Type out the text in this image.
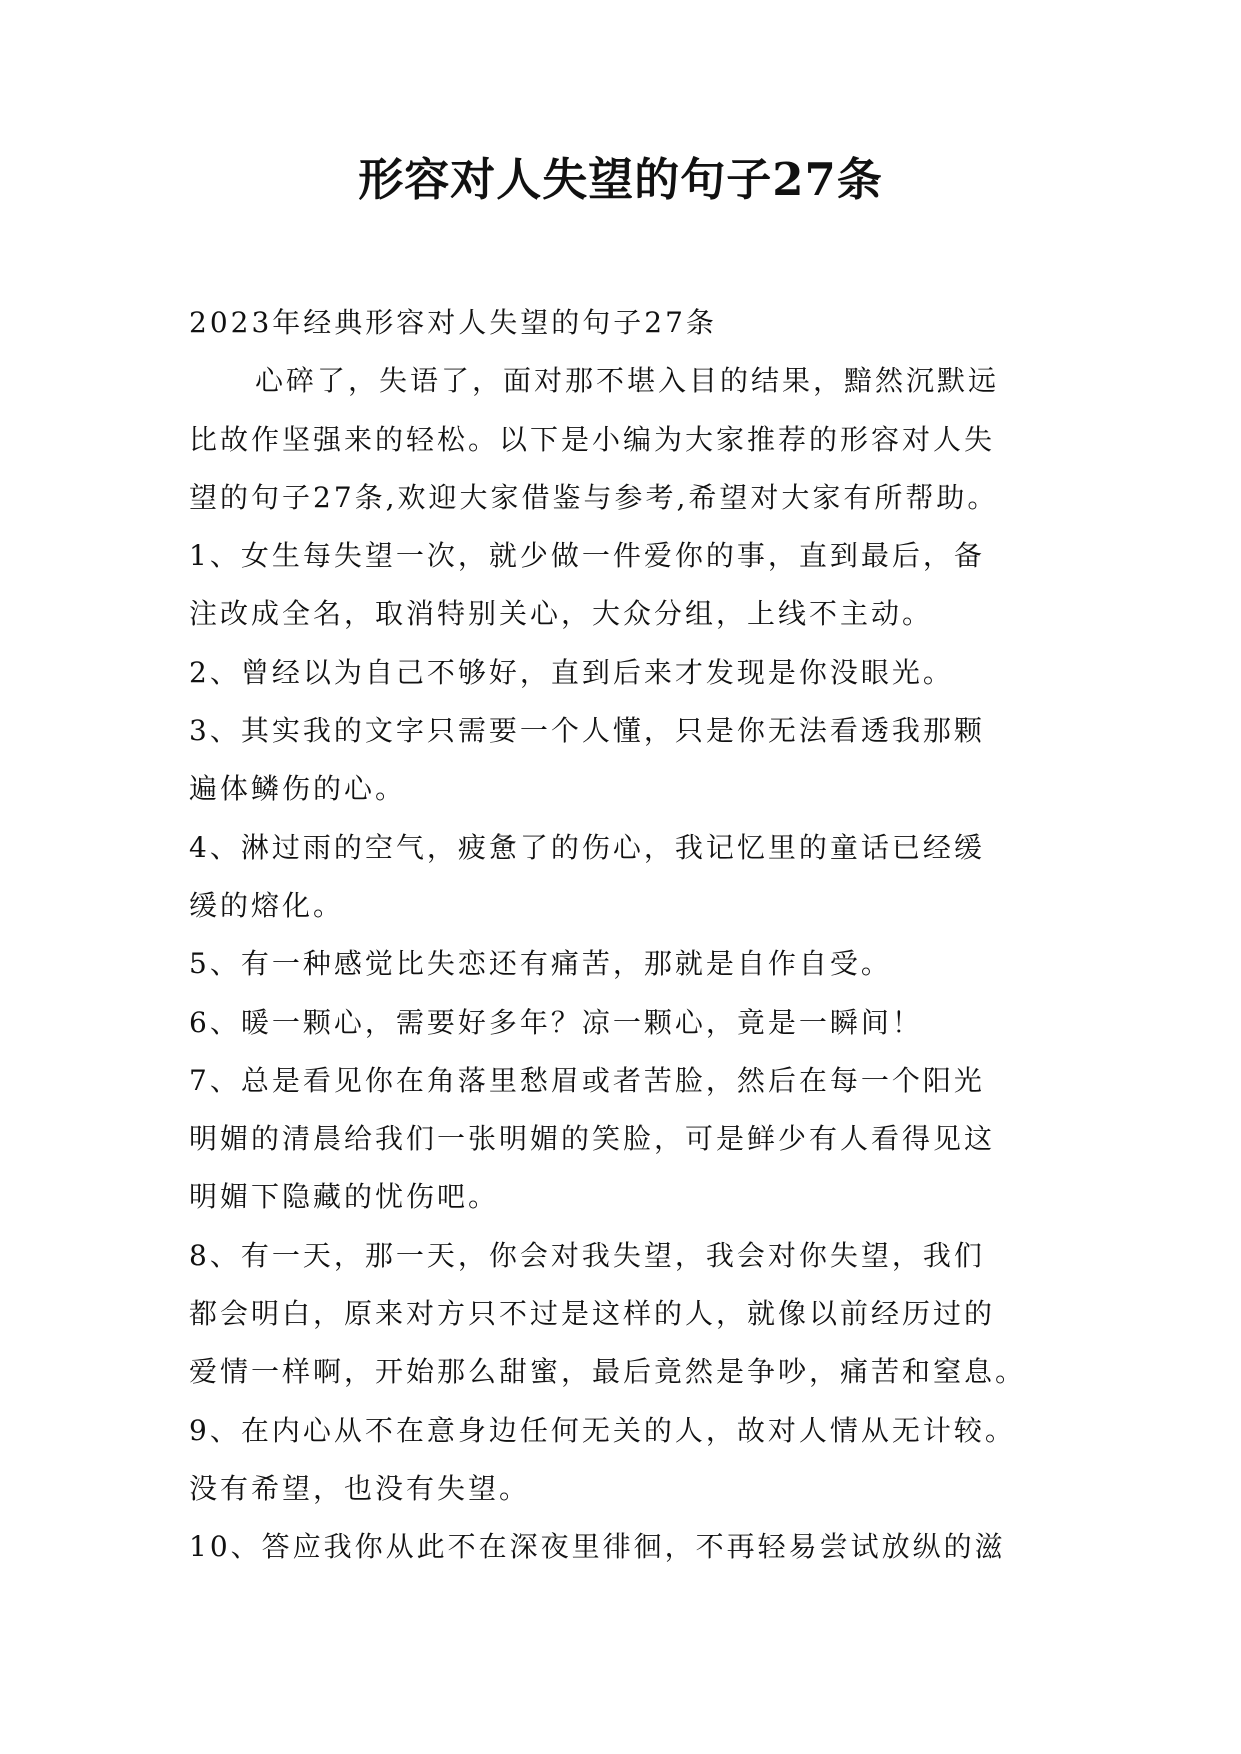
形容对人失望的句子27条
2023年经典形容对人失望的句子27条
心碎了，失语了，面对那不堪入目的结果，黯然沉默远
比故作坚强来的轻松。以下是小编为大家推荐的形容对人失
望的句子27条,欢迎大家借鉴与参考,希望对大家有所帮助。
1、女生每失望一次，就少做一件爱你的事，直到最后，备
注改成全名，取消特别关心，大众分组，上线不主动。
2、曾经以为自己不够好，直到后来才发现是你没眼光。
3、其实我的文字只需要一个人懂，只是你无法看透我那颗
遍体鳞伤的心。
4、淋过雨的空气，疲惫了的伤心，我记忆里的童话已经缓
缓的熔化。
5、有一种感觉比失恋还有痛苦，那就是自作自受。
6、暖一颗心，需要好多年？凉一颗心，竟是一瞬间！
7、总是看见你在角落里愁眉或者苦脸，然后在每一个阳光
明媚的清晨给我们一张明媚的笑脸，可是鲜少有人看得见这
明媚下隐藏的忧伤吧。
8、有一天，那一天，你会对我失望，我会对你失望，我们
都会明白，原来对方只不过是这样的人，就像以前经历过的
爱情一样啊，开始那么甜蜜，最后竟然是争吵，痛苦和窒息。
9、在内心从不在意身边任何无关的人，故对人情从无计较。
没有希望，也没有失望。
10、答应我你从此不在深夜里徘徊，不再轻易尝试放纵的滋
